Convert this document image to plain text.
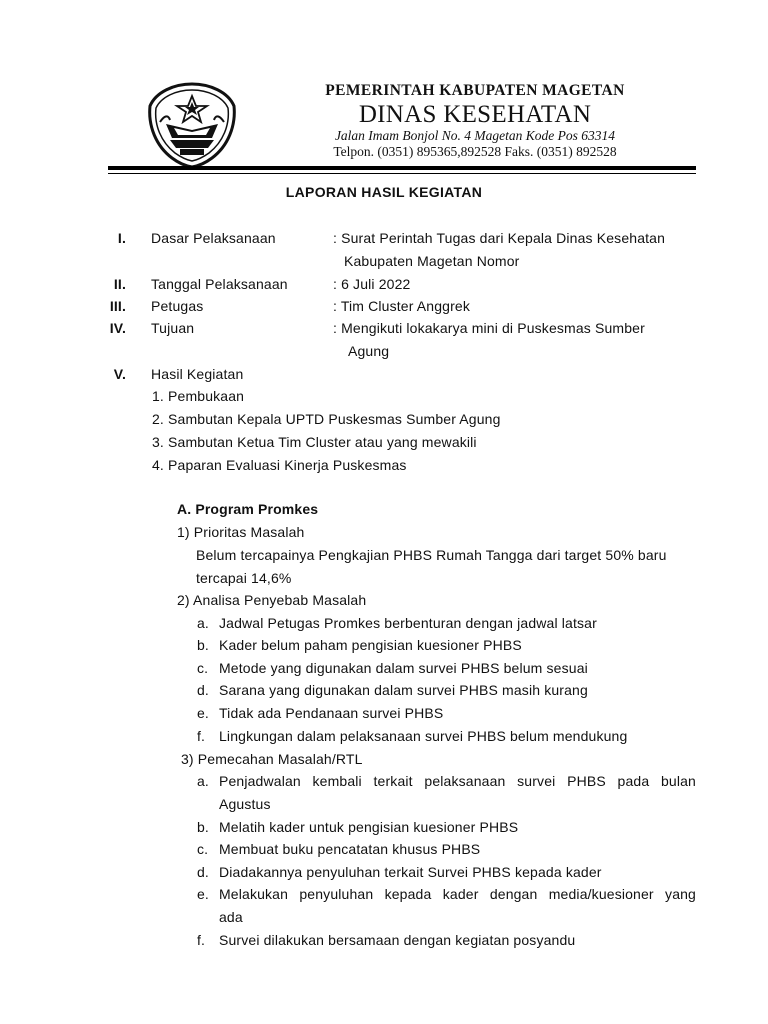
PEMERINTAH KABUPATEN MAGETAN
DINAS KESEHATAN
Jalan Imam Bonjol No. 4 Magetan Kode Pos 63314
Telpon. (0351) 895365,892528 Faks. (0351) 892528
LAPORAN HASIL KEGIATAN
I. Dasar Pelaksanaan	: Surat Perintah Tugas dari Kepala Dinas Kesehatan
Kabupaten Magetan Nomor
II. Tanggal Pelaksanaan	: 6 Juli 2022
III. Petugas	: Tim Cluster Anggrek
IV. Tujuan	: Mengikuti lokakarya mini di Puskesmas Sumber
Agung
V. Hasil Kegiatan
1. Pembukaan
2. Sambutan Kepala UPTD Puskesmas Sumber Agung
3. Sambutan Ketua Tim Cluster atau yang mewakili
4. Paparan Evaluasi Kinerja Puskesmas
A. Program Promkes
1) Prioritas Masalah
Belum tercapainya Pengkajian PHBS Rumah Tangga dari target 50% baru
tercapai 14,6%
2) Analisa Penyebab Masalah
a. Jadwal Petugas Promkes berbenturan dengan jadwal latsar
b. Kader belum paham pengisian kuesioner PHBS
c. Metode yang digunakan dalam survei PHBS belum sesuai
d. Sarana yang digunakan dalam survei PHBS masih kurang
e. Tidak ada Pendanaan survei PHBS
f. Lingkungan dalam pelaksanaan survei PHBS belum mendukung
3) Pemecahan Masalah/RTL
a. Penjadwalan kembali terkait pelaksanaan survei PHBS pada bulan
Agustus
b. Melatih kader untuk pengisian kuesioner PHBS
c. Membuat buku pencatatan khusus PHBS
d. Diadakannya penyuluhan terkait Survei PHBS kepada kader
e. Melakukan penyuluhan kepada kader dengan media/kuesioner yang
ada
f. Survei dilakukan bersamaan dengan kegiatan posyandu
